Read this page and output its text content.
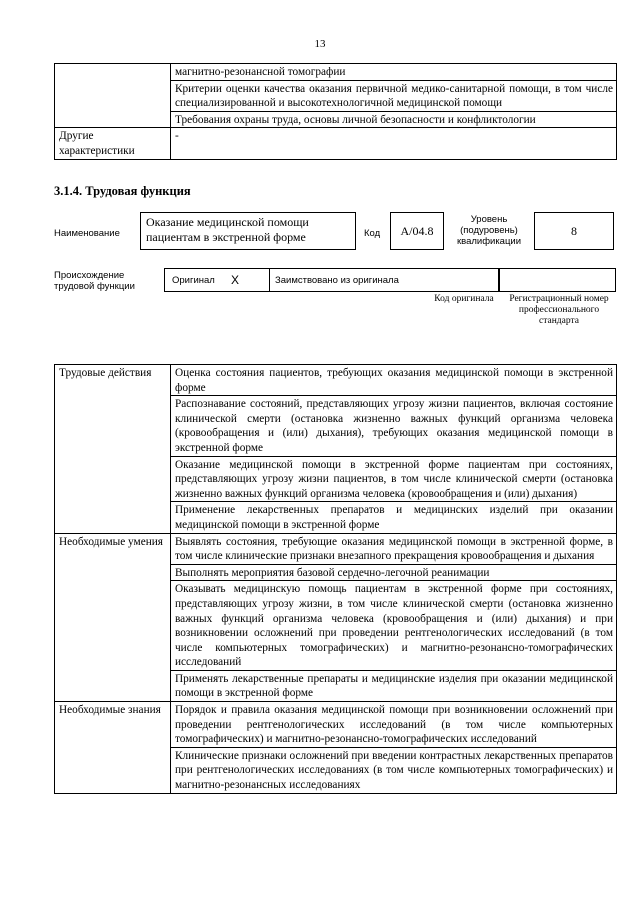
13
	магнитно-резонансной томографии
	Критерии оценки качества оказания первичной медико-санитарной помощи, в том числе специализированной и высокотехнологичной медицинской помощи
	Требования охраны труда, основы личной безопасности и конфликтологии
Другие характеристики	-
3.1.4. Трудовая функция
Наименование
Оказание медицинской помощи пациентам в экстренной форме	Код	А/04.8
Уровень (подуровень) квалификации
8
Происхождение трудовой функции
Оригинал X	Заимствовано из оригинала
Код оригинала	Регистрационный номер профессионального стандарта
Трудовые действия	Оценка состояния пациентов, требующих оказания медицинской помощи в экстренной форме
	Распознавание состояний, представляющих угрозу жизни пациентов, включая состояние клинической смерти (остановка жизненно важных функций организма человека (кровообращения и (или) дыхания), требующих оказания медицинской помощи в экстренной форме
	Оказание медицинской помощи в экстренной форме пациентам при состояниях, представляющих угрозу жизни пациентов, в том числе клинической смерти (остановка жизненно важных функций организма человека (кровообращения и (или) дыхания)
	Применение лекарственных препаратов и медицинских изделий при оказании медицинской помощи в экстренной форме
Необходимые умения	Выявлять состояния, требующие оказания медицинской помощи в экстренной форме, в том числе клинические признаки внезапного прекращения кровообращения и дыхания
	Выполнять мероприятия базовой сердечно-легочной реанимации
	Оказывать медицинскую помощь пациентам в экстренной форме при состояниях, представляющих угрозу жизни, в том числе клинической смерти (остановка жизненно важных функций организма человека (кровообращения и (или) дыхания) и при возникновении осложнений при проведении рентгенологических исследований (в том числе компьютерных томографических) и магнитно-резонансно-томографических исследований
	Применять лекарственные препараты и медицинские изделия при оказании медицинской помощи в экстренной форме
Необходимые знания	Порядок и правила оказания медицинской помощи при возникновении осложнений при проведении рентгенологических исследований (в том числе компьютерных томографических) и магнитно-резонансно-томографических исследований
	Клинические признаки осложнений при введении контрастных лекарственных препаратов при рентгенологических исследованиях (в том числе компьютерных томографических) и магнитно-резонансных исследованиях
